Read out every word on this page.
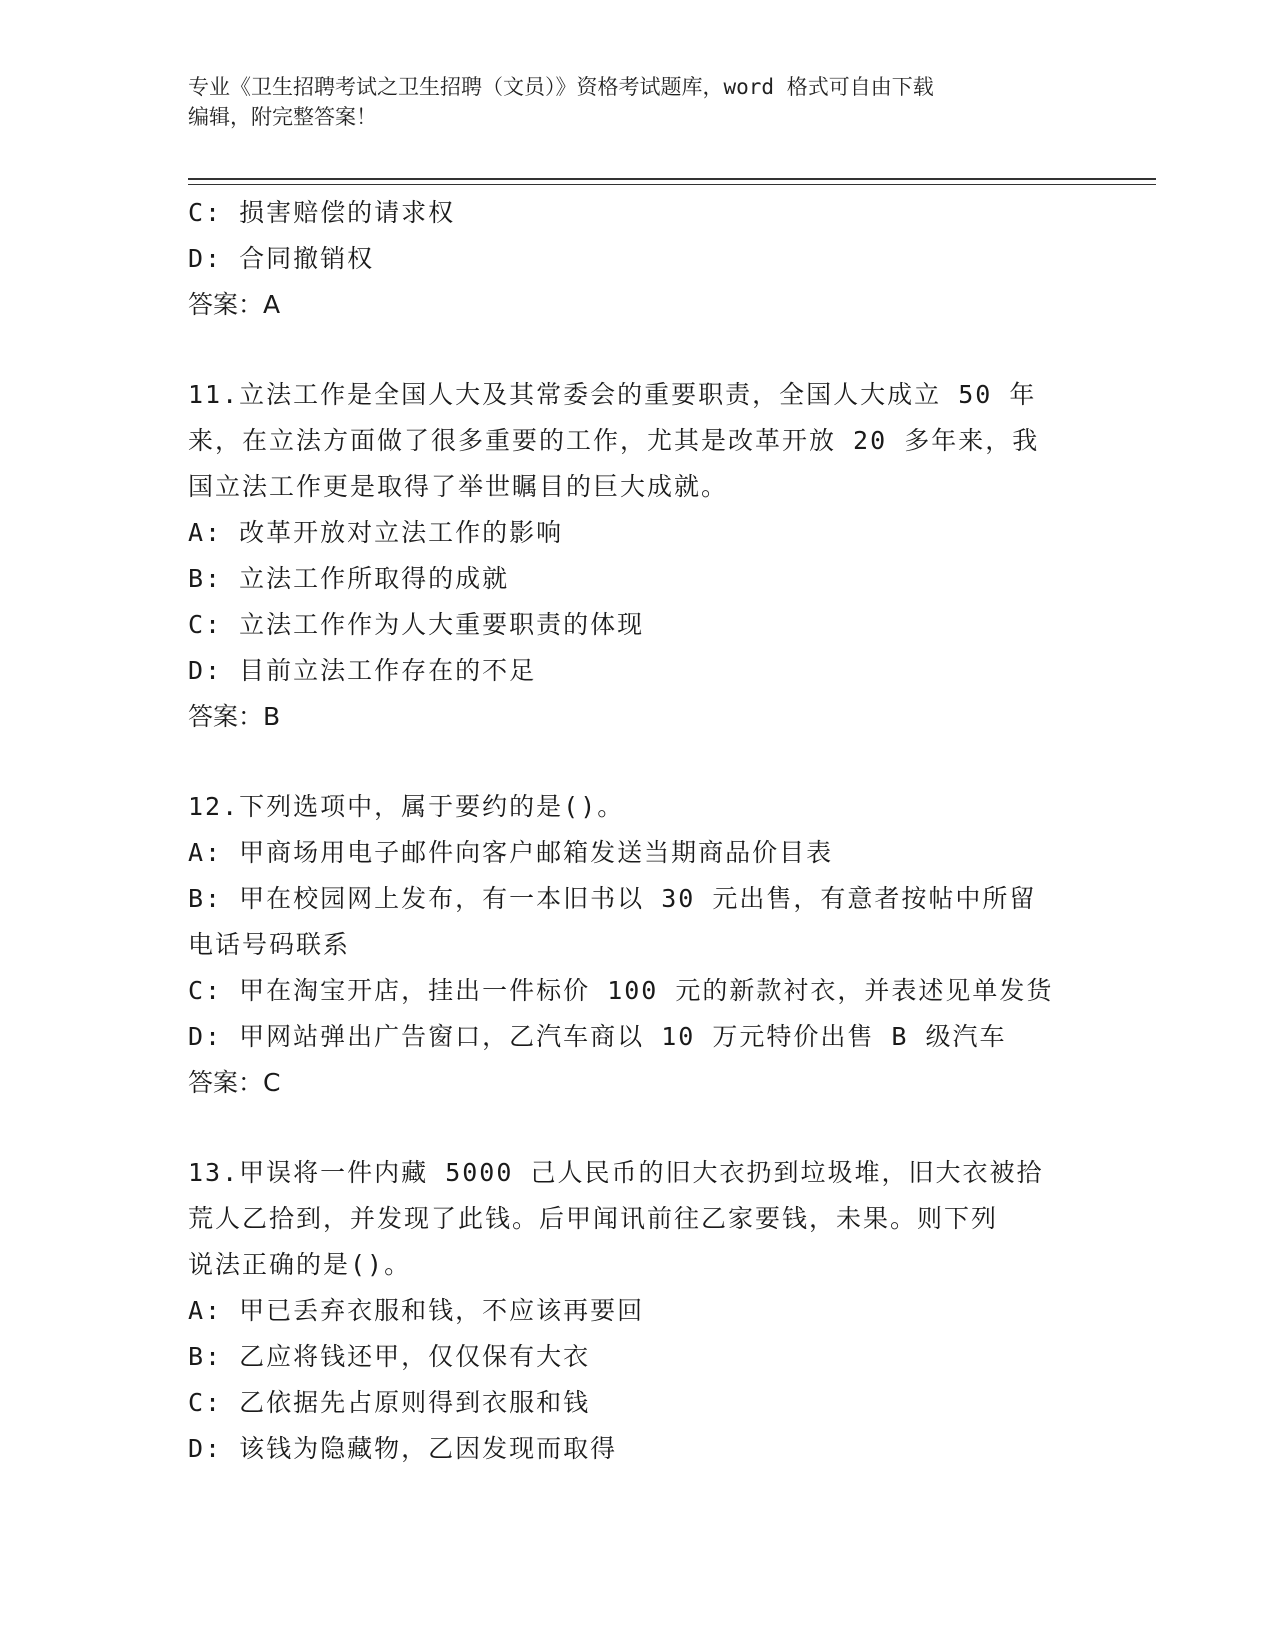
专业《卫生招聘考试之卫生招聘（文员）》资格考试题库，word 格式可自由下载
编辑，附完整答案！
C: 损害赔偿的请求权
D: 合同撤销权
答案：A
11.立法工作是全国人大及其常委会的重要职责，全国人大成立 50 年
来，在立法方面做了很多重要的工作，尤其是改革开放 20 多年来，我
国立法工作更是取得了举世瞩目的巨大成就。
A: 改革开放对立法工作的影响
B: 立法工作所取得的成就
C: 立法工作作为人大重要职责的体现
D: 目前立法工作存在的不足
答案：B
12.下列选项中，属于要约的是()。
A: 甲商场用电子邮件向客户邮箱发送当期商品价目表
B: 甲在校园网上发布，有一本旧书以 30 元出售，有意者按帖中所留
电话号码联系
C: 甲在淘宝开店，挂出一件标价 100 元的新款衬衣，并表述见单发货
D: 甲网站弹出广告窗口，乙汽车商以 10 万元特价出售 B 级汽车
答案：C
13.甲误将一件内藏 5000 己人民币的旧大衣扔到垃圾堆，旧大衣被拾
荒人乙拾到，并发现了此钱。后甲闻讯前往乙家要钱，未果。则下列
说法正确的是()。
A: 甲已丢弃衣服和钱，不应该再要回
B: 乙应将钱还甲，仅仅保有大衣
C: 乙依据先占原则得到衣服和钱
D: 该钱为隐藏物，乙因发现而取得
